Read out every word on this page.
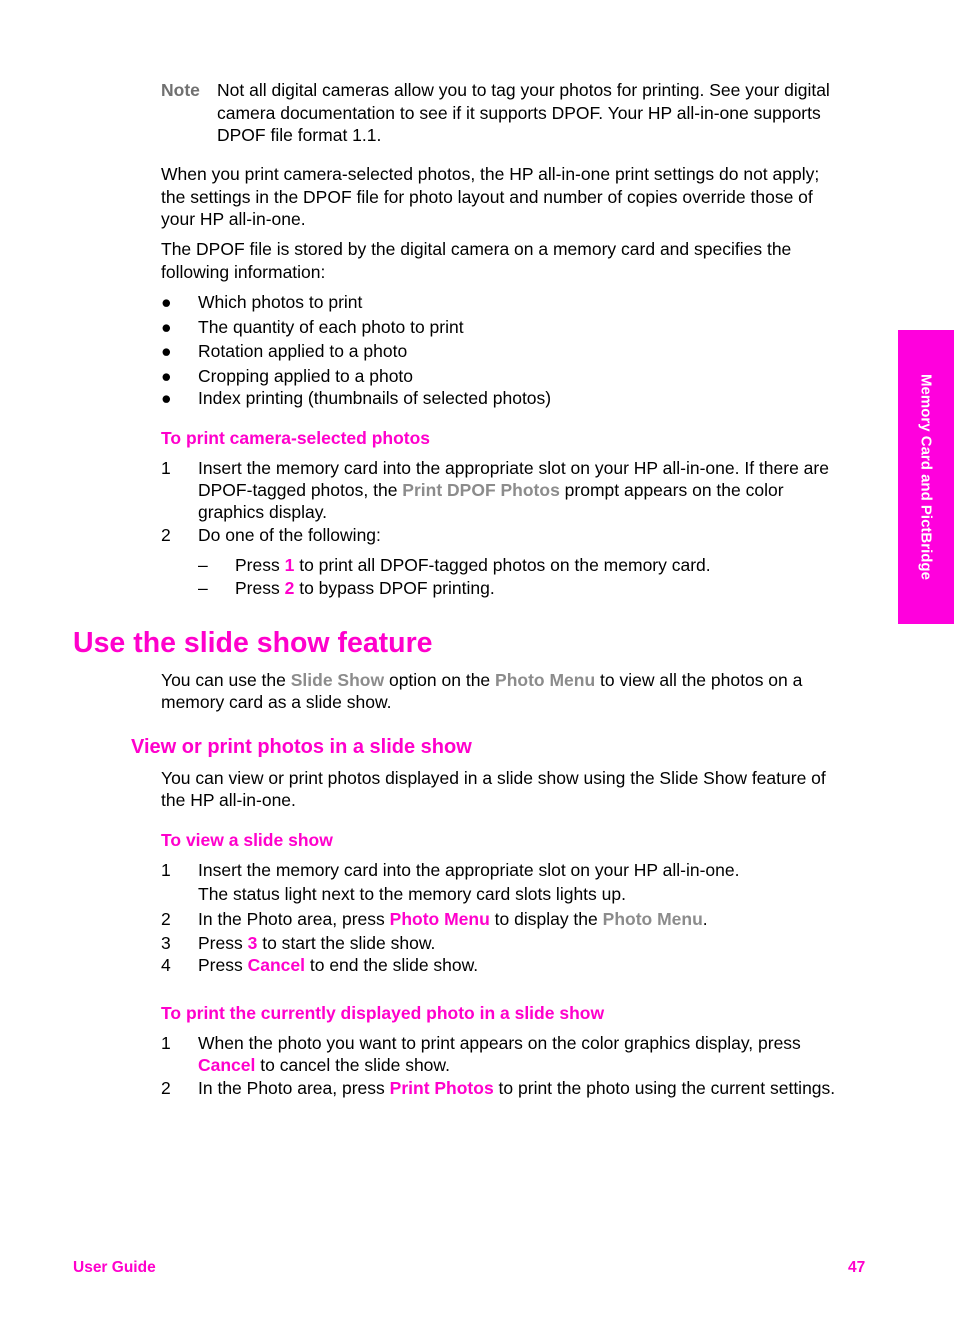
Note Not all digital cameras allow you to tag your photos for printing. See your digital
camera documentation to see if it supports DPOF. Your HP all-in-one supports
DPOF file format 1.1.
When you print camera-selected photos, the HP all-in-one print settings do not apply;
the settings in the DPOF file for photo layout and number of copies override those of
your HP all-in-one.
The DPOF file is stored by the digital camera on a memory card and specifies the
following information:
● Which photos to print
● The quantity of each photo to print
● Rotation applied to a photo
● Cropping applied to a photo
● Index printing (thumbnails of selected photos)
To print camera-selected photos
1 Insert the memory card into the appropriate slot on your HP all-in-one. If there are
DPOF-tagged photos, the Print DPOF Photos prompt appears on the color
graphics display.
2 Do one of the following:
– Press 1 to print all DPOF-tagged photos on the memory card.
– Press 2 to bypass DPOF printing.
Use the slide show feature
You can use the Slide Show option on the Photo Menu to view all the photos on a
memory card as a slide show.
View or print photos in a slide show
You can view or print photos displayed in a slide show using the Slide Show feature of
the HP all-in-one.
To view a slide show
1 Insert the memory card into the appropriate slot on your HP all-in-one.
The status light next to the memory card slots lights up.
2 In the Photo area, press Photo Menu to display the Photo Menu.
3 Press 3 to start the slide show.
4 Press Cancel to end the slide show.
To print the currently displayed photo in a slide show
1 When the photo you want to print appears on the color graphics display, press
Cancel to cancel the slide show.
2 In the Photo area, press Print Photos to print the photo using the current settings.
Memory Card and PictBridge
User Guide	47
